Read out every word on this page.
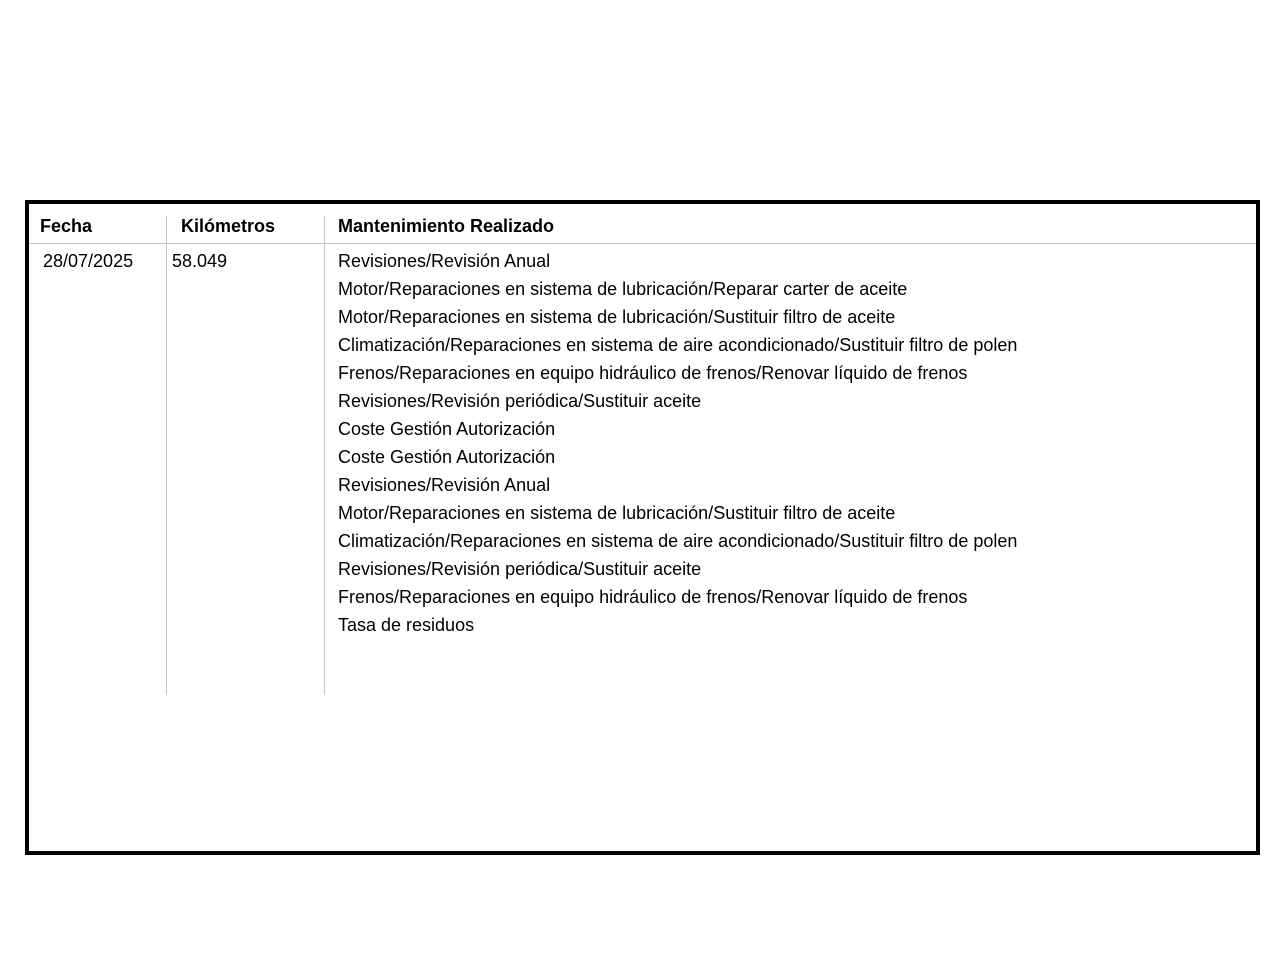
Fecha	Kilómetros	Mantenimiento Realizado
28/07/2025	58.049	Revisiones/Revisión Anual
Motor/Reparaciones en sistema de lubricación/Reparar carter de aceite
Motor/Reparaciones en sistema de lubricación/Sustituir filtro de aceite
Climatización/Reparaciones en sistema de aire acondicionado/Sustituir filtro de polen
Frenos/Reparaciones en equipo hidráulico de frenos/Renovar líquido de frenos
Revisiones/Revisión periódica/Sustituir aceite
Coste Gestión Autorización
Coste Gestión Autorización
Revisiones/Revisión Anual
Motor/Reparaciones en sistema de lubricación/Sustituir filtro de aceite
Climatización/Reparaciones en sistema de aire acondicionado/Sustituir filtro de polen
Revisiones/Revisión periódica/Sustituir aceite
Frenos/Reparaciones en equipo hidráulico de frenos/Renovar líquido de frenos
Tasa de residuos
